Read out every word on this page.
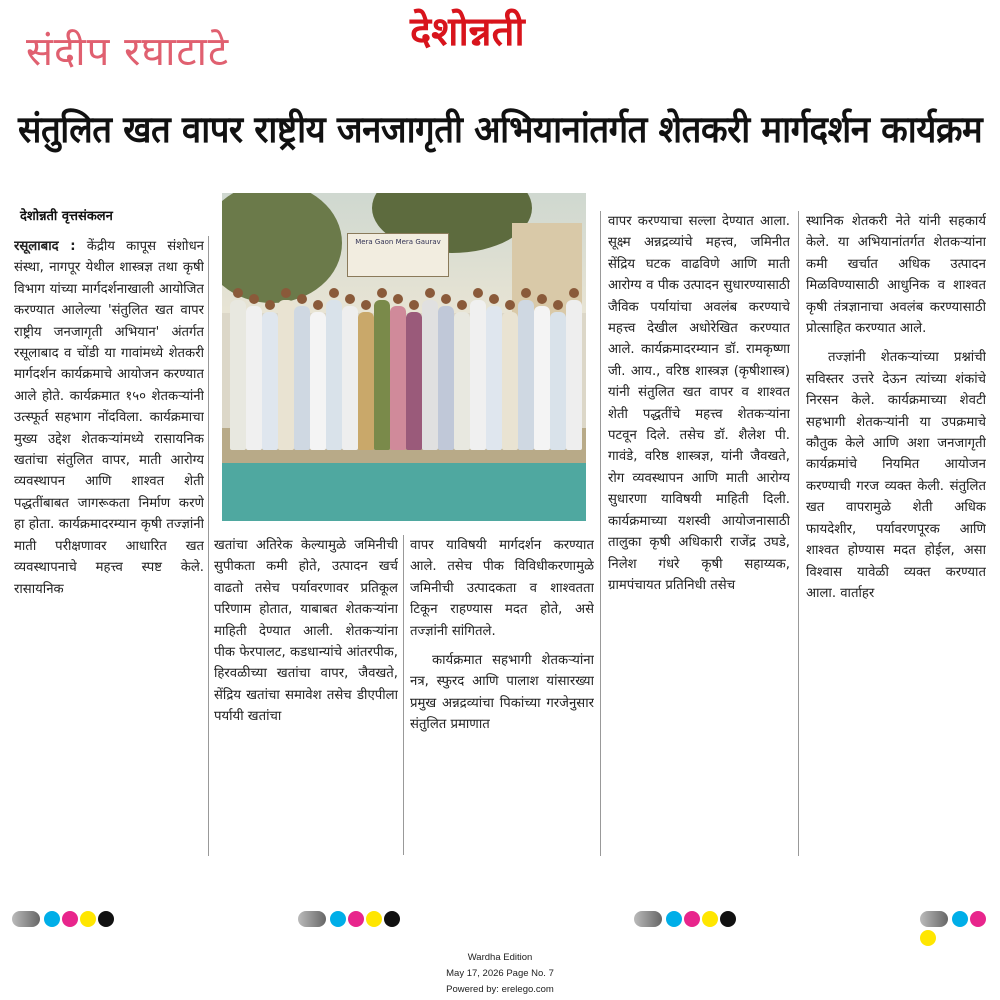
संदीप रघाटाटे	देशोन्नती
संतुलित खत वापर राष्ट्रीय जनजागृती अभियानांतर्गत शेतकरी मार्गदर्शन कार्यक्रम
देशोन्नती वृत्तसंकलन

रसूलाबाद : केंद्रीय कापूस संशोधन संस्था, नागपूर येथील शास्त्रज्ञ तथा कृषी विभाग यांच्या मार्गदर्शनाखाली आयोजित करण्यात आलेल्या 'संतुलित खत वापर राष्ट्रीय जनजागृती अभियान' अंतर्गत रसूलाबाद व चोंडी या गावांमध्ये शेतकरी मार्गदर्शन कार्यक्रमाचे आयोजन करण्यात आले होते. कार्यक्रमात १५० शेतकऱ्यांनी उत्स्फूर्त सहभाग नोंदविला. कार्यक्रमाचा मुख्य उद्देश शेतकऱ्यांमध्ये रासायनिक खतांचा संतुलित वापर, माती आरोग्य व्यवस्थापन आणि शाश्वत शेती पद्धतींबाबत जागरूकता निर्माण करणे हा होता. कार्यक्रमादरम्यान कृषी तज्ज्ञांनी माती परीक्षणावर आधारित खत व्यवस्थापनाचे महत्त्व स्पष्ट केले. रासायनिक

Mera Gaon Mera Gaurav

खतांचा अतिरेक केल्यामुळे जमिनीची सुपीकता कमी होते, उत्पादन खर्च वाढतो तसेच पर्यावरणावर प्रतिकूल परिणाम होतात, याबाबत शेतकऱ्यांना माहिती देण्यात आली. शेतकऱ्यांना पीक फेरपालट, कडधान्यांचे आंतरपीक, हिरवळीच्या खतांचा वापर, जैवखते, सेंद्रिय खतांचा समावेश तसेच डीएपीला पर्यायी खतांचा

वापर याविषयी मार्गदर्शन करण्यात आले. तसेच पीक विविधीकरणामुळे जमिनीची उत्पादकता व शाश्वतता टिकून राहण्यास मदत होते, असे तज्ज्ञांनी सांगितले.

कार्यक्रमात सहभागी शेतकऱ्यांना नत्र, स्फुरद आणि पालाश यांसारख्या प्रमुख अन्नद्रव्यांचा पिकांच्या गरजेनुसार संतुलित प्रमाणात

वापर करण्याचा सल्ला देण्यात आला. सूक्ष्म अन्नद्रव्यांचे महत्त्व, जमिनीत सेंद्रिय घटक वाढविणे आणि माती आरोग्य व पीक उत्पादन सुधारण्यासाठी जैविक पर्यायांचा अवलंब करण्याचे महत्त्व देखील अधोरेखित करण्यात आले. कार्यक्रमादरम्यान डॉ. रामकृष्णा जी. आय., वरिष्ठ शास्त्रज्ञ (कृषीशास्त्र) यांनी संतुलित खत वापर व शाश्वत शेती पद्धतींचे महत्त्व शेतकऱ्यांना पटवून दिले. तसेच डॉ. शैलेश पी. गावंडे, वरिष्ठ शास्त्रज्ञ, यांनी जैवखते, रोग व्यवस्थापन आणि माती आरोग्य सुधारणा याविषयी माहिती दिली. कार्यक्रमाच्या यशस्वी आयोजनासाठी तालुका कृषी अधिकारी राजेंद्र उघडे, निलेश गंधरे कृषी सहाय्यक, ग्रामपंचायत प्रतिनिधी तसेच

स्थानिक शेतकरी नेते यांनी सहकार्य केले. या अभियानांतर्गत शेतकऱ्यांना कमी खर्चात अधिक उत्पादन मिळविण्यासाठी आधुनिक व शाश्वत कृषी तंत्रज्ञानाचा अवलंब करण्यासाठी प्रोत्साहित करण्यात आले.

तज्ज्ञांनी शेतकऱ्यांच्या प्रश्नांची सविस्तर उत्तरे देऊन त्यांच्या शंकांचे निरसन केले. कार्यक्रमाच्या शेवटी सहभागी शेतकऱ्यांनी या उपक्रमाचे कौतुक केले आणि अशा जनजागृती कार्यक्रमांचे नियमित आयोजन करण्याची गरज व्यक्त केली. संतुलित खत वापरामुळे शेती अधिक फायदेशीर, पर्यावरणपूरक आणि शाश्वत होण्यास मदत होईल, असा विश्वास यावेळी व्यक्त करण्यात आला. वार्ताहर

Wardha Edition
May 17, 2026 Page No. 7
Powered by: erelego.com
